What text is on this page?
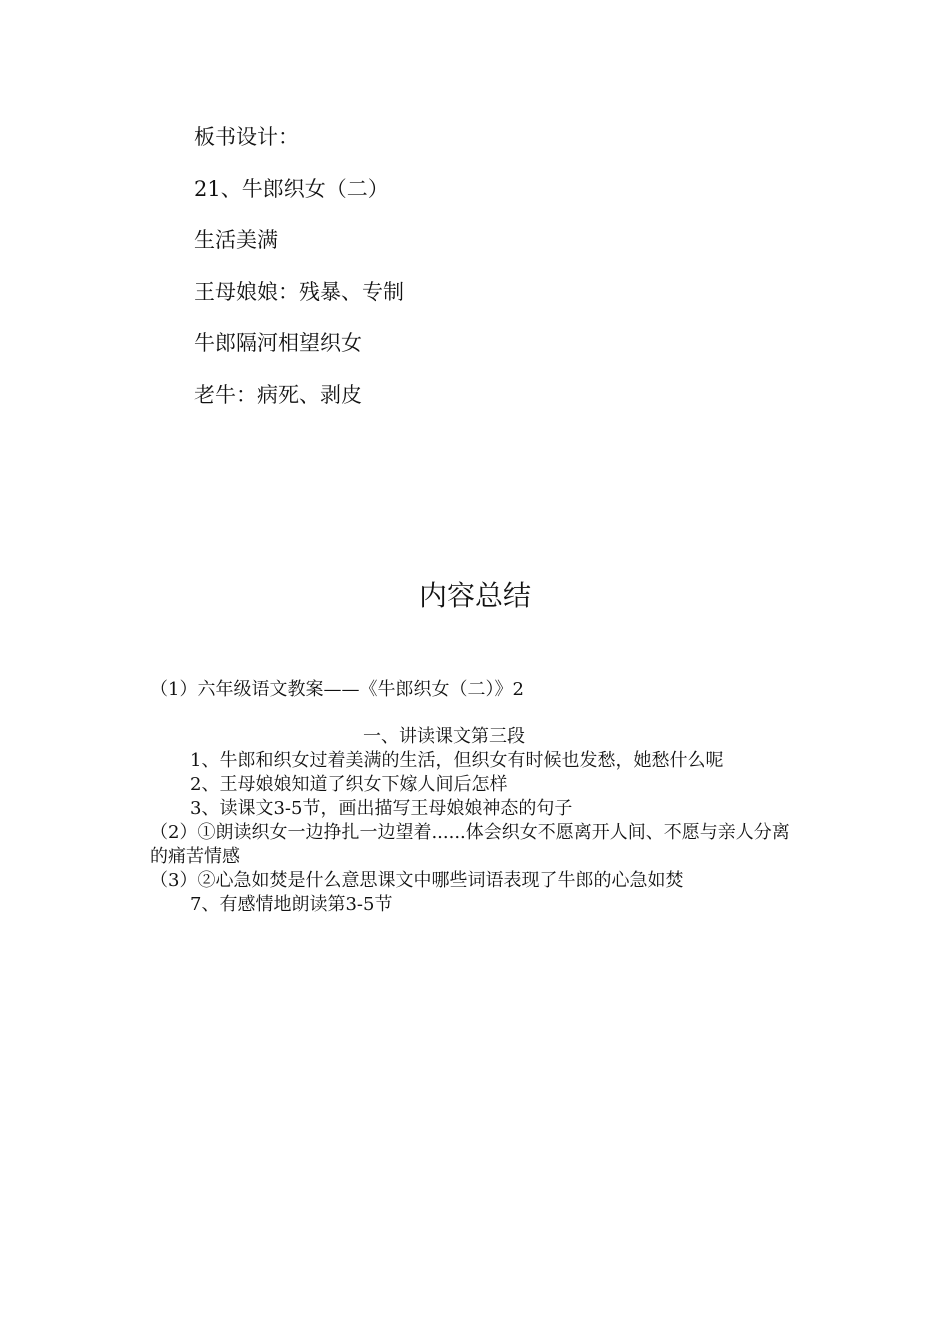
板书设计：
21、牛郎织女（二）
生活美满
王母娘娘：残暴、专制
牛郎隔河相望织女
老牛：病死、剥皮
内容总结

（1）六年级语文教案——《牛郎织女（二）》2

一、讲读课文第三段

1、牛郎和织女过着美满的生活，但织女有时候也发愁，她愁什么呢

2、王母娘娘知道了织女下嫁人间后怎样

3、读课文3-5节，画出描写王母娘娘神态的句子

（2）①朗读织女一边挣扎一边望着......体会织女不愿离开人间、不愿与亲人分离的痛苦情感

（3）②心急如焚是什么意思课文中哪些词语表现了牛郎的心急如焚

7、有感情地朗读第3-5节
